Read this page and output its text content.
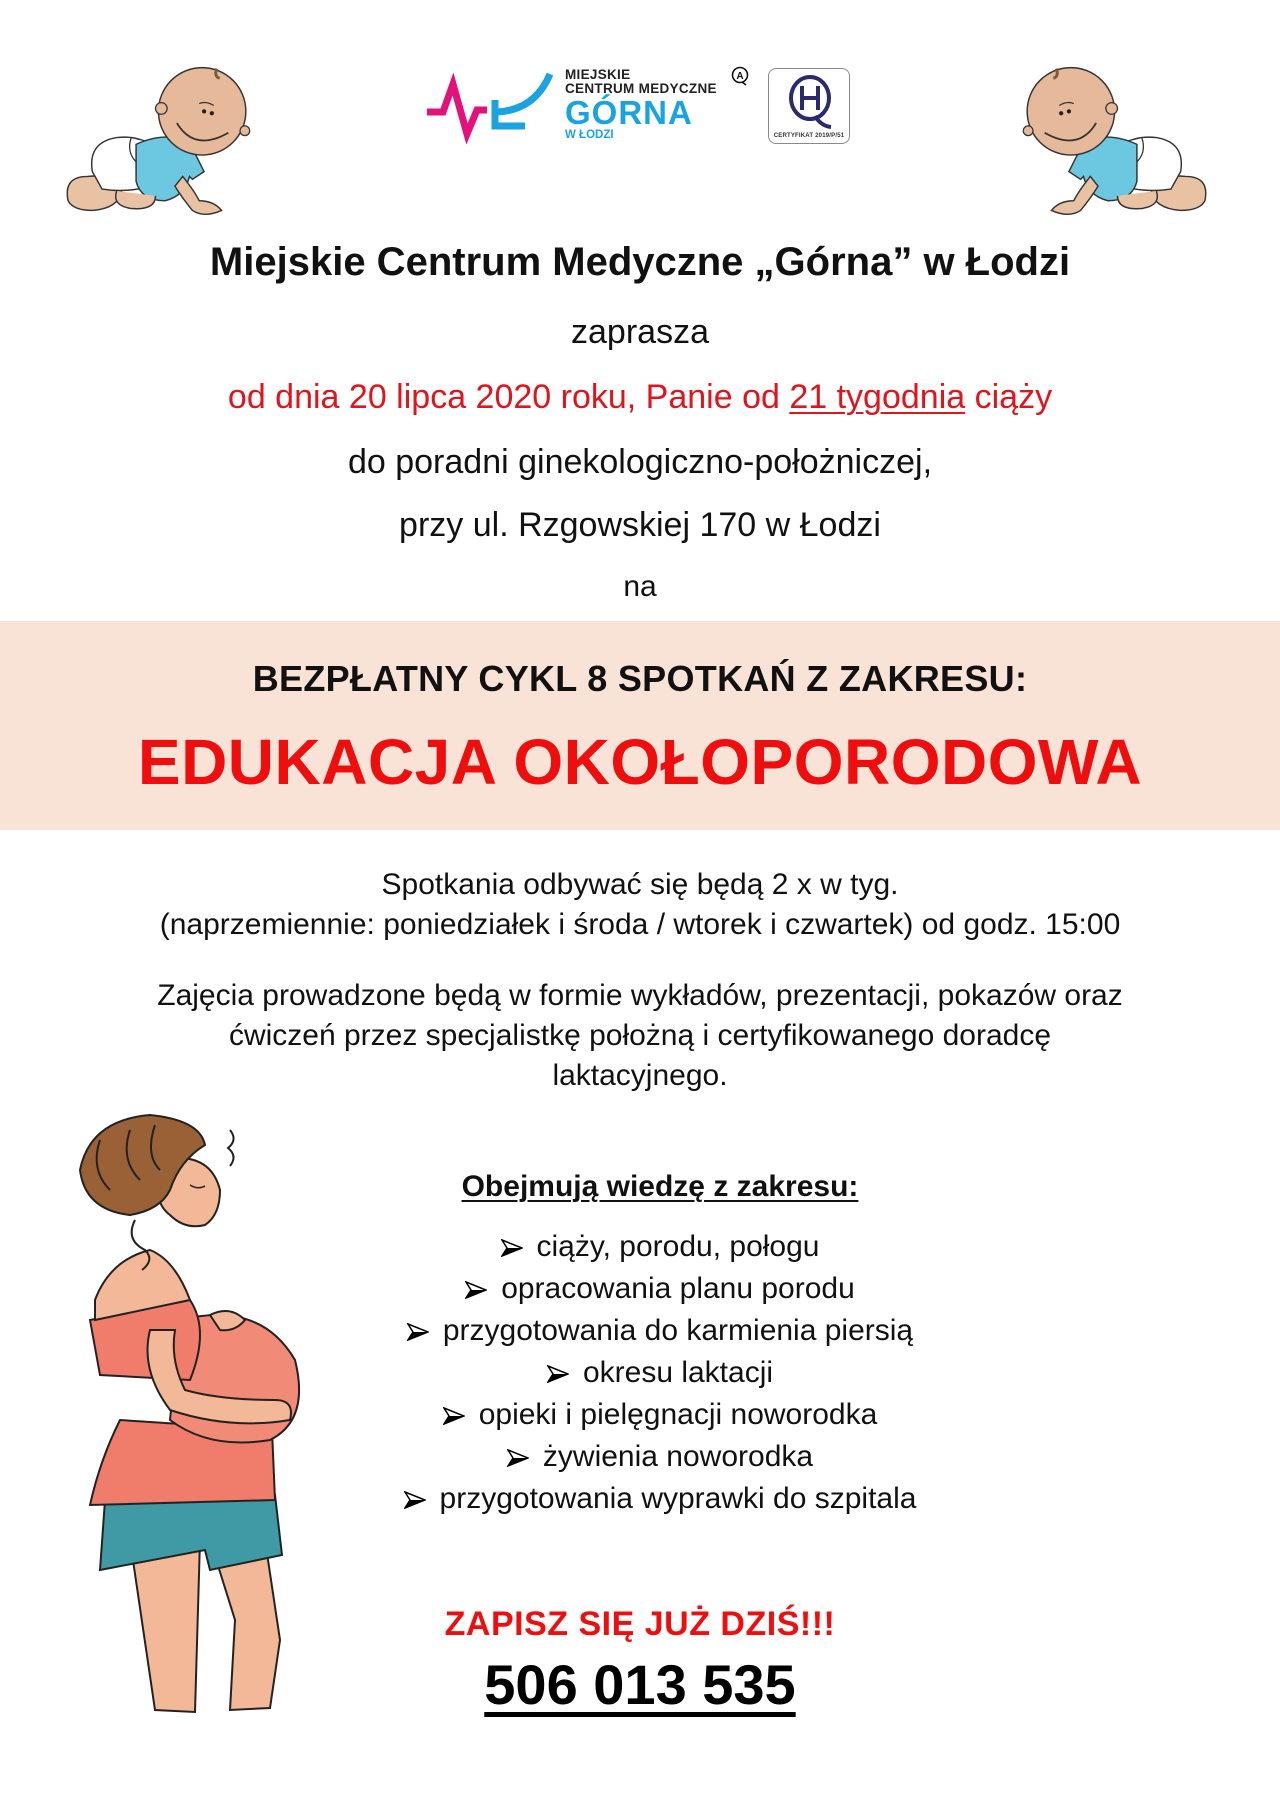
MIEJSKIE
CENTRUM MEDYCZNE
GÓRNA
W ŁODZI
A
CERTYFIKAT 2019/P/51
Miejskie Centrum Medyczne „Górna” w Łodzi
zaprasza
od dnia 20 lipca 2020 roku, Panie od 21 tygodnia ciąży
do poradni ginekologiczno-położniczej,
przy ul. Rzgowskiej 170 w Łodzi
na
BEZPŁATNY CYKL 8 SPOTKAŃ Z ZAKRESU:
EDUKACJA OKOŁOPORODOWA
Spotkania odbywać się będą 2 x w tyg.
(naprzemiennie: poniedziałek i środa / wtorek i czwartek) od godz. 15:00
Zajęcia prowadzone będą w formie wykładów, prezentacji, pokazów oraz
ćwiczeń przez specjalistkę położną i certyfikowanego doradcę
laktacyjnego.
Obejmują wiedzę z zakresu:
ciąży, porodu, połogu
opracowania planu porodu
przygotowania do karmienia piersią
okresu laktacji
opieki i pielęgnacji noworodka
żywienia noworodka
przygotowania wyprawki do szpitala
ZAPISZ SIĘ JUŻ DZIŚ!!!
506 013 535
